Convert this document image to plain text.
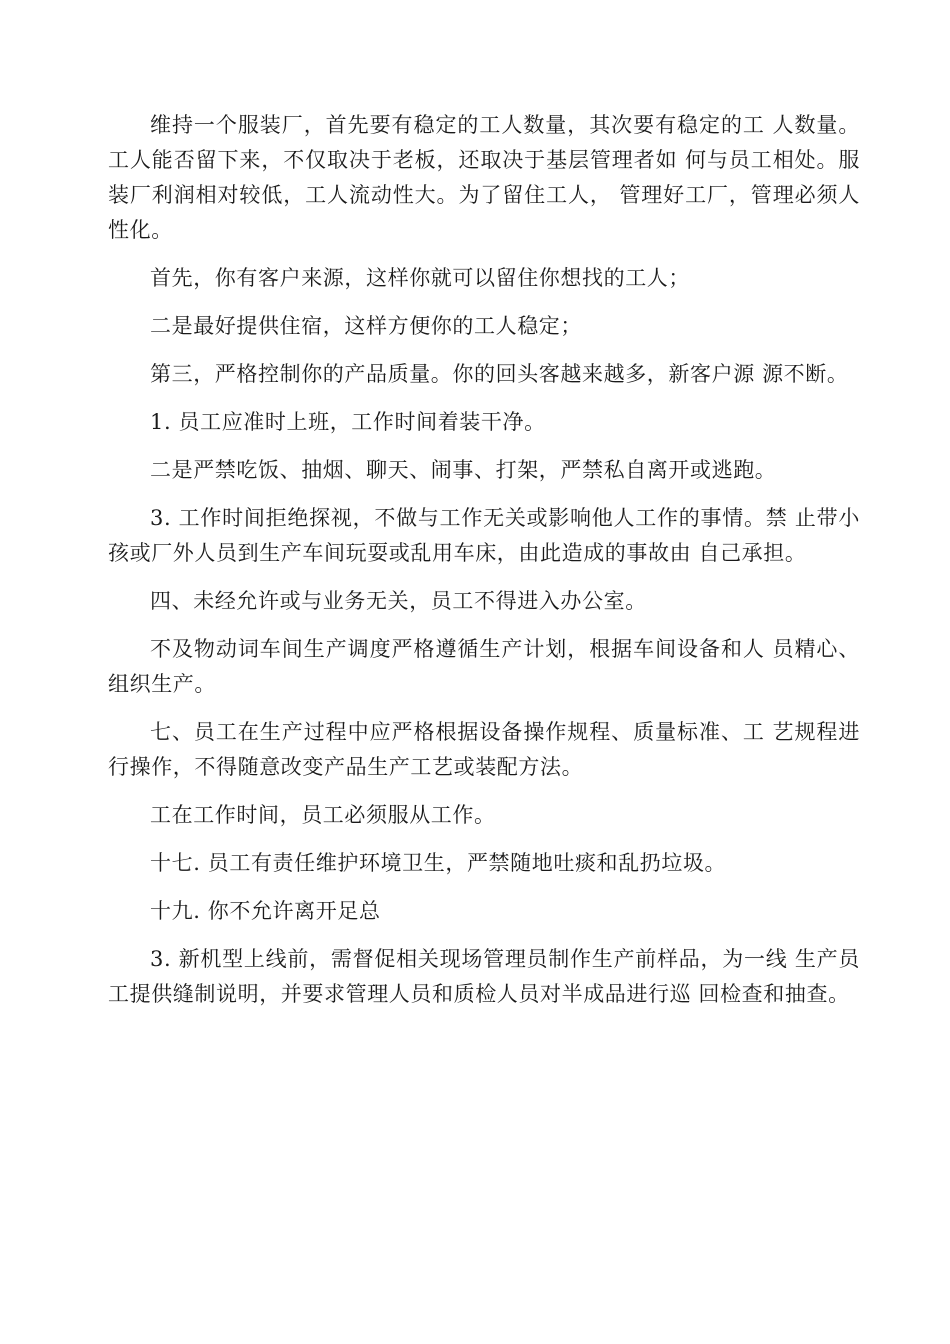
维持一个服装厂，首先要有稳定的工人数量，其次要有稳定的工 人数量。工人能否留下来，不仅取决于老板，还取决于基层管理者如 何与员工相处。服装厂利润相对较低，工人流动性大。为了留住工人， 管理好工厂，管理必须人性化。

首先，你有客户来源，这样你就可以留住你想找的工人；

二是最好提供住宿，这样方便你的工人稳定；

第三，严格控制你的产品质量。你的回头客越来越多，新客户源 源不断。

1. 员工应准时上班，工作时间着装干净。

二是严禁吃饭、抽烟、聊天、闹事、打架，严禁私自离开或逃跑。

3. 工作时间拒绝探视，不做与工作无关或影响他人工作的事情。禁 止带小孩或厂外人员到生产车间玩耍或乱用车床，由此造成的事故由 自己承担。

四、未经允许或与业务无关，员工不得进入办公室。

不及物动词车间生产调度严格遵循生产计划，根据车间设备和人 员精心、组织生产。

七、员工在生产过程中应严格根据设备操作规程、质量标准、工 艺规程进行操作，不得随意改变产品生产工艺或装配方法。

工在工作时间，员工必须服从工作。

十七. 员工有责任维护环境卫生，严禁随地吐痰和乱扔垃圾。

十九. 你不允许离开足总

3. 新机型上线前，需督促相关现场管理员制作生产前样品，为一线 生产员工提供缝制说明，并要求管理人员和质检人员对半成品进行巡 回检查和抽查。
